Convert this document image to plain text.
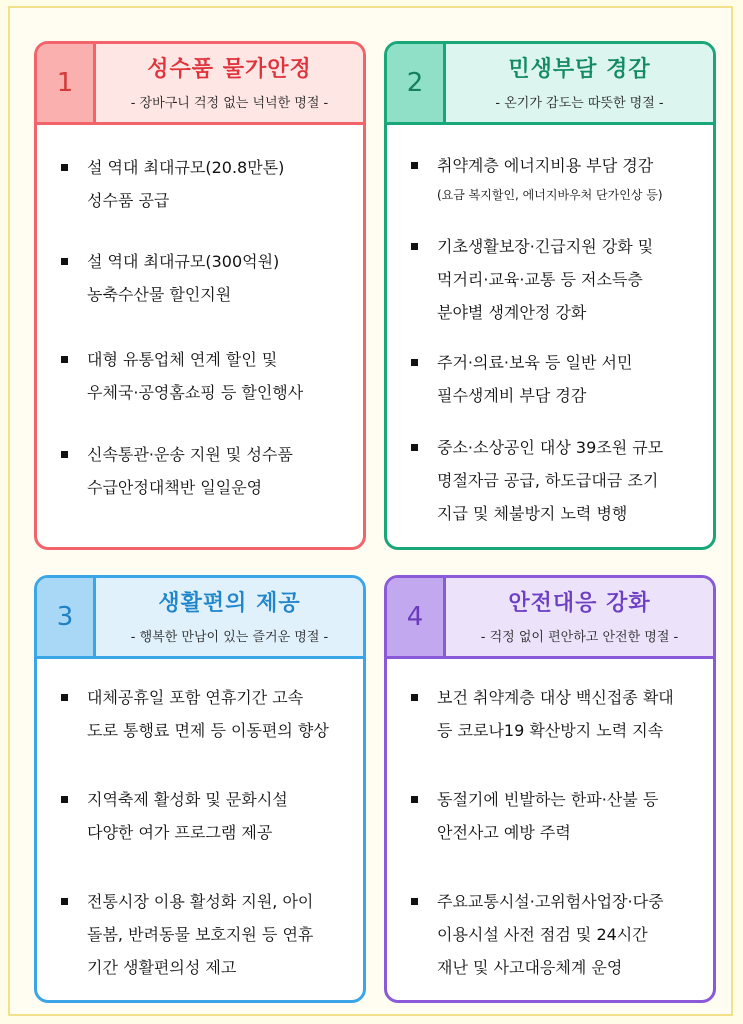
1	성수품 물가안정
- 장바구니 걱정 없는 넉넉한 명절 -
설 역대 최대규모(20.8만톤)
성수품 공급
설 역대 최대규모(300억원)
농축수산물 할인지원
대형 유통업체 연계 할인 및
우체국·공영홈쇼핑 등 할인행사
신속통관·운송 지원 및 성수품
수급안정대책반 일일운영
2	민생부담 경감
- 온기가 감도는 따뜻한 명절 -
취약계층 에너지비용 부담 경감
(요금 복지할인, 에너지바우처 단가인상 등)
기초생활보장·긴급지원 강화 및
먹거리·교육·교통 등 저소득층
분야별 생계안정 강화
주거·의료·보육 등 일반 서민
필수생계비 부담 경감
중소·소상공인 대상 39조원 규모
명절자금 공급, 하도급대금 조기
지급 및 체불방지 노력 병행
3	생활편의 제공
- 행복한 만남이 있는 즐거운 명절 -
대체공휴일 포함 연휴기간 고속
도로 통행료 면제 등 이동편의 향상
지역축제 활성화 및 문화시설
다양한 여가 프로그램 제공
전통시장 이용 활성화 지원, 아이
돌봄, 반려동물 보호지원 등 연휴
기간 생활편의성 제고
4	안전대응 강화
- 걱정 없이 편안하고 안전한 명절 -
보건 취약계층 대상 백신접종 확대
등 코로나19 확산방지 노력 지속
동절기에 빈발하는 한파·산불 등
안전사고 예방 주력
주요교통시설·고위험사업장·다중
이용시설 사전 점검 및 24시간
재난 및 사고대응체계 운영
